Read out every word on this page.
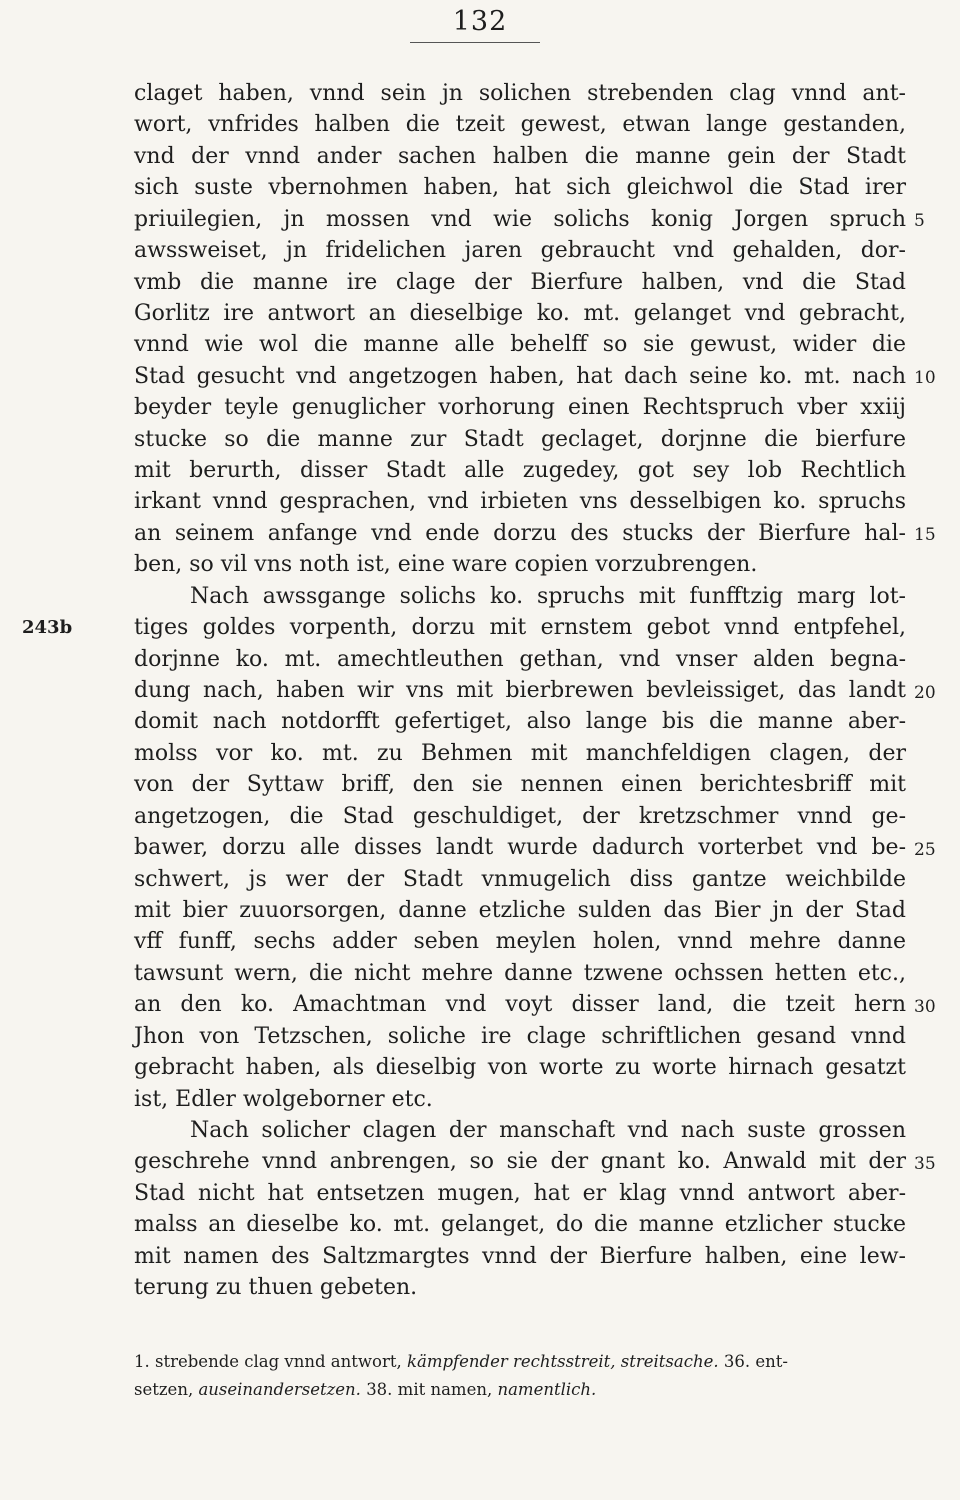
132
243b
claget haben, vnnd sein jn solichen strebenden clag vnnd ant-
wort, vnfrides halben die tzeit gewest, etwan lange gestanden,
vnd der vnnd ander sachen halben die manne gein der Stadt
sich suste vbernohmen haben, hat sich gleichwol die Stad irer
priuilegien, jn mossen vnd wie solichs konig Jorgen spruch
awssweiset, jn fridelichen jaren gebraucht vnd gehalden, dor-
vmb die manne ire clage der Bierfure halben, vnd die Stad
Gorlitz ire antwort an dieselbige ko. mt. gelanget vnd gebracht,
vnnd wie wol die manne alle behelff so sie gewust, wider die
Stad gesucht vnd angetzogen haben, hat dach seine ko. mt. nach
beyder teyle genuglicher vorhorung einen Rechtspruch vber xxiij
stucke so die manne zur Stadt geclaget, dorjnne die bierfure
mit berurth, disser Stadt alle zugedey, got sey lob Rechtlich
irkant vnnd gesprachen, vnd irbieten vns desselbigen ko. spruchs
an seinem anfange vnd ende dorzu des stucks der Bierfure hal-
ben, so vil vns noth ist, eine ware copien vorzubrengen.
Nach awssgange solichs ko. spruchs mit funfftzig marg lot-
tiges goldes vorpenth, dorzu mit ernstem gebot vnnd entpfehel,
dorjnne ko. mt. amechtleuthen gethan, vnd vnser alden begna-
dung nach, haben wir vns mit bierbrewen bevleissiget, das landt
domit nach notdorfft gefertiget, also lange bis die manne aber-
molss vor ko. mt. zu Behmen mit manchfeldigen clagen, der
von der Syttaw briff, den sie nennen einen berichtesbriff mit
angetzogen, die Stad geschuldiget, der kretzschmer vnnd ge-
bawer, dorzu alle disses landt wurde dadurch vorterbet vnd be-
schwert, js wer der Stadt vnmugelich diss gantze weichbilde
mit bier zuuorsorgen, danne etzliche sulden das Bier jn der Stad
vff funff, sechs adder seben meylen holen, vnnd mehre danne
tawsunt wern, die nicht mehre danne tzwene ochssen hetten etc.,
an den ko. Amachtman vnd voyt disser land, die tzeit hern
Jhon von Tetzschen, soliche ire clage schriftlichen gesand vnnd
gebracht haben, als dieselbig von worte zu worte hirnach gesatzt
ist, Edler wolgeborner etc.
Nach solicher clagen der manschaft vnd nach suste grossen
geschrehe vnnd anbrengen, so sie der gnant ko. Anwald mit der
Stad nicht hat entsetzen mugen, hat er klag vnnd antwort aber-
malss an dieselbe ko. mt. gelanget, do die manne etzlicher stucke
mit namen des Saltzmargtes vnnd der Bierfure halben, eine lew-
terung zu thuen gebeten.
5
10
15
20
25
30
35
1. strebende clag vnnd antwort, kämpfender rechtsstreit, streitsache. 36. ent-
setzen, auseinandersetzen. 38. mit namen, namentlich.
